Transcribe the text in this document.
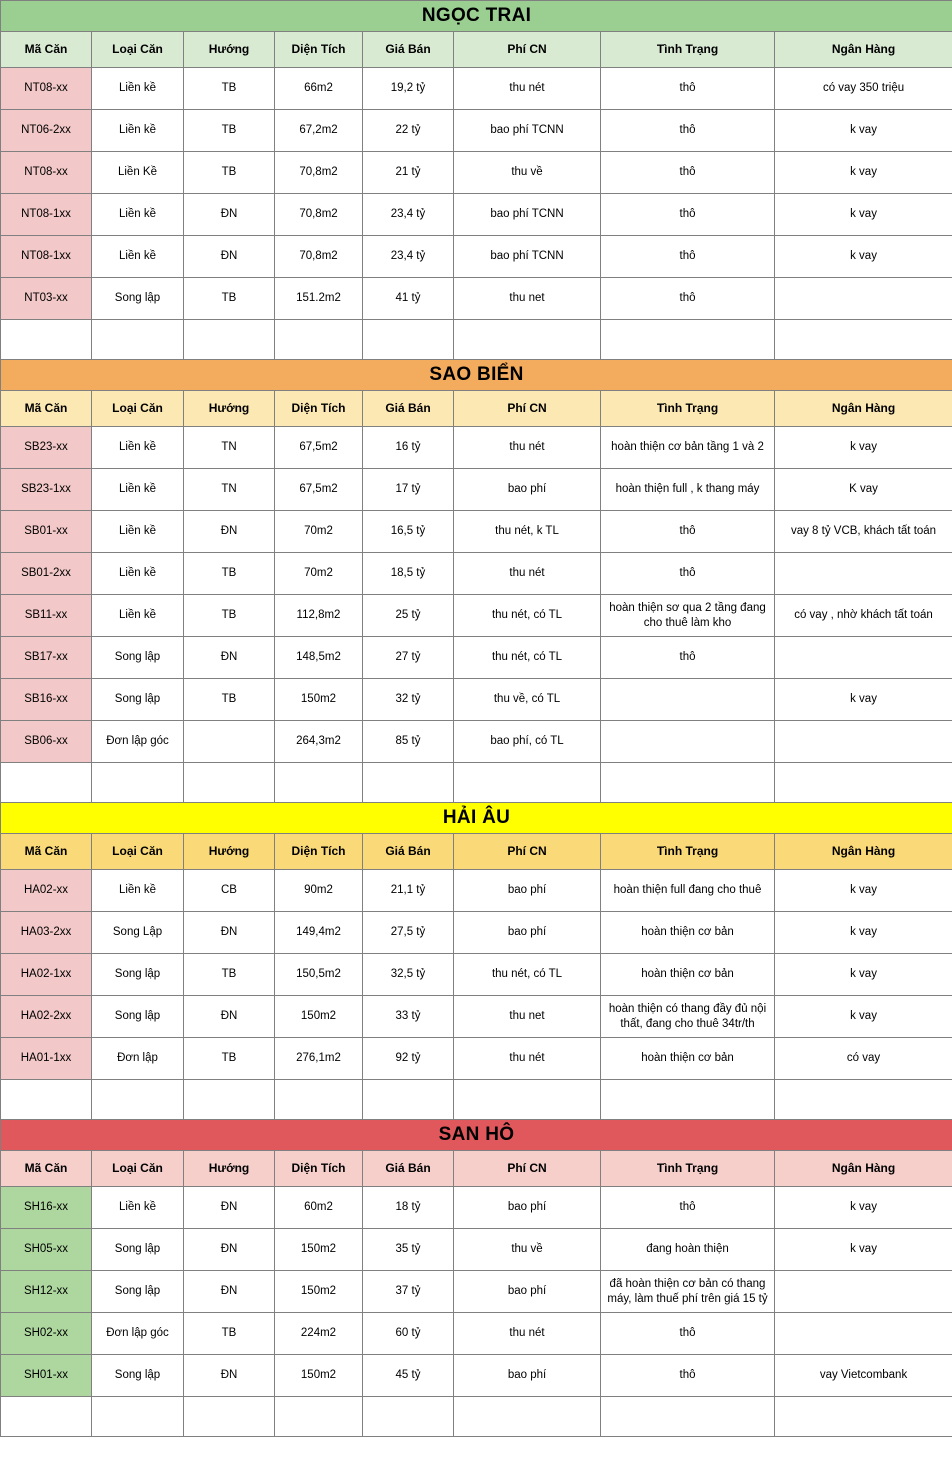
NGỌC TRAI							
Mã Căn	Loại Căn	Hướng	Diện Tích	Giá Bán	Phí CN	Tình Trạng	Ngân Hàng
NT08-xx	Liền kề	TB	66m2	19,2 tỷ	thu nét	thô	có vay 350 triệu
NT06-2xx	Liền kề	TB	67,2m2	22 tỷ	bao phí TCNN	thô	k vay
NT08-xx	Liền Kề	TB	70,8m2	21 tỷ	thu về	thô	k vay
NT08-1xx	Liền kề	ĐN	70,8m2	23,4 tỷ	bao phí TCNN	thô	k vay
NT08-1xx	Liền kề	ĐN	70,8m2	23,4 tỷ	bao phí TCNN	thô	k vay
NT03-xx	Song lập	TB	151.2m2	41 tỷ	thu net	thô	

SAO BIỂN							
Mã Căn	Loại Căn	Hướng	Diện Tích	Giá Bán	Phí CN	Tình Trạng	Ngân Hàng
SB23-xx	Liền kề	TN	67,5m2	16 tỷ	thu nét	hoàn thiện cơ bản tầng 1 và 2	k vay
SB23-1xx	Liền kề	TN	67,5m2	17 tỷ	bao phí	hoàn thiện full , k thang máy	K vay
SB01-xx	Liền kề	ĐN	70m2	16,5 tỷ	thu nét, k TL	thô	vay 8 tỷ VCB, khách tất toán
SB01-2xx	Liền kề	TB	70m2	18,5 tỷ	thu nét	thô	
SB11-xx	Liền kề	TB	112,8m2	25 tỷ	thu nét, có TL	hoàn thiện sơ qua 2 tầng đang cho thuê làm kho	có vay , nhờ khách tất toán
SB17-xx	Song lập	ĐN	148,5m2	27 tỷ	thu nét, có TL	thô	
SB16-xx	Song lập	TB	150m2	32 tỷ	thu về, có TL		k vay
SB06-xx	Đơn lập góc		264,3m2	85 tỷ	bao phí, có TL		

HẢI ÂU							
Mã Căn	Loại Căn	Hướng	Diện Tích	Giá Bán	Phí CN	Tình Trạng	Ngân Hàng
HA02-xx	Liền kề	CB	90m2	21,1 tỷ	bao phí	hoàn thiện full đang cho thuê	k vay
HA03-2xx	Song Lập	ĐN	149,4m2	27,5 tỷ	bao phí	hoàn thiện cơ bản	k vay
HA02-1xx	Song lập	TB	150,5m2	32,5 tỷ	thu nét, có TL	hoàn thiện cơ bản	k vay
HA02-2xx	Song lập	ĐN	150m2	33 tỷ	thu net	hoàn thiện có thang đầy đủ nội thất, đang cho thuê 34tr/th	k vay
HA01-1xx	Đơn lập	TB	276,1m2	92 tỷ	thu nét	hoàn thiện cơ bản	có vay

SAN HÔ							
Mã Căn	Loại Căn	Hướng	Diện Tích	Giá Bán	Phí CN	Tình Trạng	Ngân Hàng
SH16-xx	Liền kề	ĐN	60m2	18 tỷ	bao phí	thô	k vay
SH05-xx	Song lập	ĐN	150m2	35 tỷ	thu về	đang hoàn thiện	k vay
SH12-xx	Song lập	ĐN	150m2	37 tỷ	bao phí	đã hoàn thiện cơ bản có thang máy, làm thuế phí trên giá 15 tỷ	
SH02-xx	Đơn lập góc	TB	224m2	60 tỷ	thu nét	thô	
SH01-xx	Song lập	ĐN	150m2	45 tỷ	bao phí	thô	vay Vietcombank
